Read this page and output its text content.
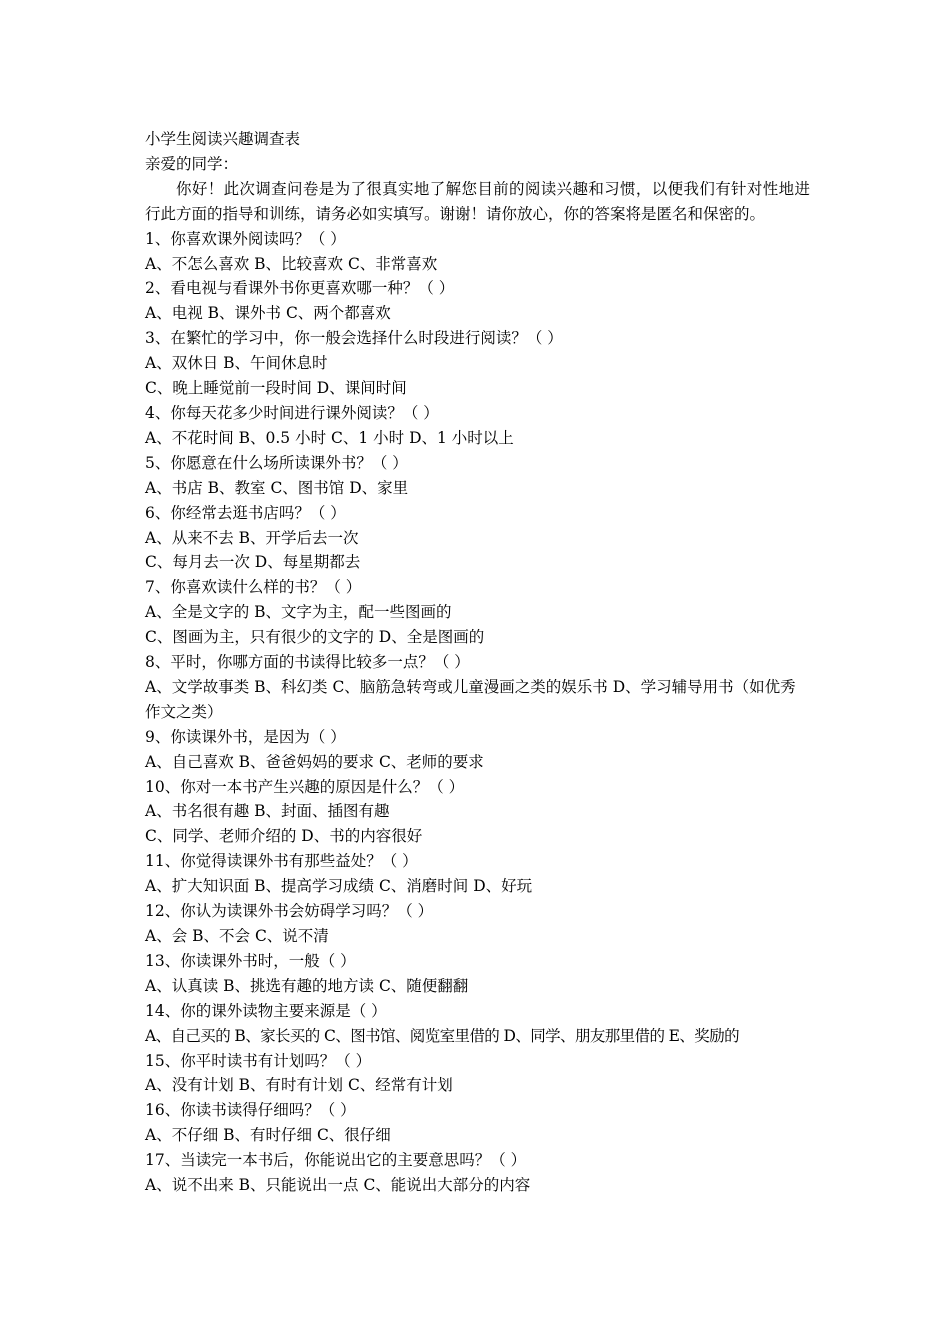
小学生阅读兴趣调查表

亲爱的同学：

你好！此次调查问卷是为了很真实地了解您目前的阅读兴趣和习惯，以便我们有针对性地进行此方面的指导和训练，请务必如实填写。谢谢！请你放心，你的答案将是匿名和保密的。

1、你喜欢课外阅读吗？（ ）

A、不怎么喜欢 B、比较喜欢 C、非常喜欢

2、看电视与看课外书你更喜欢哪一种？（ ）

A、电视 B、课外书 C、两个都喜欢

3、在繁忙的学习中，你一般会选择什么时段进行阅读？（ ）

A、双休日 B、午间休息时

C、晚上睡觉前一段时间 D、课间时间

4、你每天花多少时间进行课外阅读？（ ）

A、不花时间 B、0.5 小时 C、1 小时 D、1 小时以上

5、你愿意在什么场所读课外书？（ ）

A、书店 B、教室 C、图书馆 D、家里

6、你经常去逛书店吗？（ ）

A、从来不去 B、开学后去一次

C、每月去一次 D、每星期都去

7、你喜欢读什么样的书？（ ）

A、全是文字的 B、文字为主，配一些图画的

C、图画为主，只有很少的文字的 D、全是图画的

8、平时，你哪方面的书读得比较多一点？（ ）

A、文学故事类 B、科幻类 C、脑筋急转弯或儿童漫画之类的娱乐书 D、学习辅导用书（如优秀作文之类）

9、你读课外书，是因为（ ）

A、自己喜欢 B、爸爸妈妈的要求 C、老师的要求

10、你对一本书产生兴趣的原因是什么？（ ）

A、书名很有趣 B、封面、插图有趣

C、同学、老师介绍的 D、书的内容很好

11、你觉得读课外书有那些益处？（ ）

A、扩大知识面 B、提高学习成绩 C、消磨时间 D、好玩

12、你认为读课外书会妨碍学习吗？（ ）

A、会 B、不会 C、说不清

13、你读课外书时，一般（ ）

A、认真读 B、挑选有趣的地方读 C、随便翻翻

14、你的课外读物主要来源是（ ）

A、自己买的 B、家长买的 C、图书馆、阅览室里借的 D、同学、朋友那里借的 E、奖励的

15、你平时读书有计划吗？（ ）

A、没有计划 B、有时有计划 C、经常有计划

16、你读书读得仔细吗？（ ）

A、不仔细 B、有时仔细 C、很仔细

17、当读完一本书后，你能说出它的主要意思吗？（ ）

A、说不出来 B、只能说出一点 C、能说出大部分的内容
